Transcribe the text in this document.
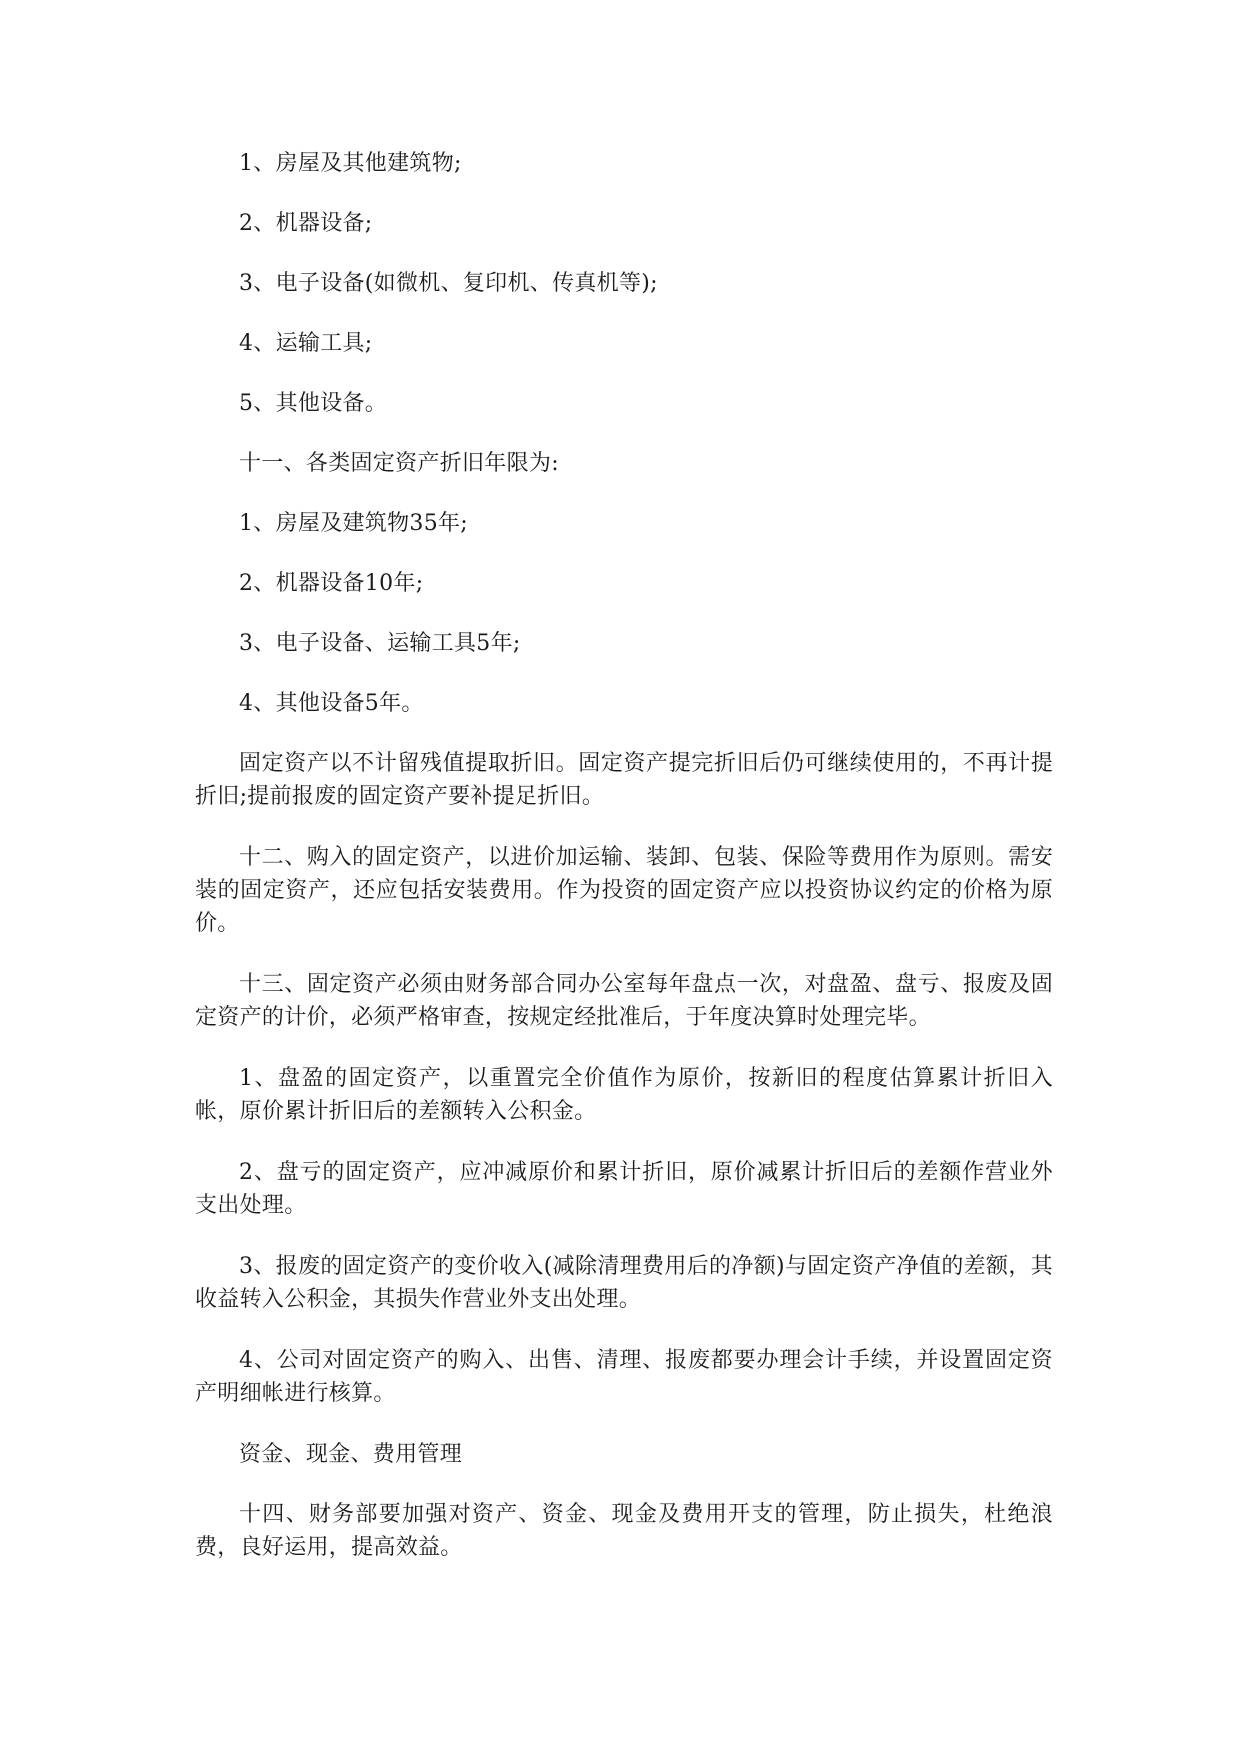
1、房屋及其他建筑物;

2、机器设备;

3、电子设备(如微机、复印机、传真机等);

4、运输工具;

5、其他设备。

十一、各类固定资产折旧年限为:

1、房屋及建筑物35年;

2、机器设备10年;

3、电子设备、运输工具5年;

4、其他设备5年。

固定资产以不计留残值提取折旧。固定资产提完折旧后仍可继续使用的，不再计提折旧;提前报废的固定资产要补提足折旧。

十二、购入的固定资产，以进价加运输、装卸、包装、保险等费用作为原则。需安装的固定资产，还应包括安装费用。作为投资的固定资产应以投资协议约定的价格为原价。

十三、固定资产必须由财务部合同办公室每年盘点一次，对盘盈、盘亏、报废及固定资产的计价，必须严格审查，按规定经批准后，于年度决算时处理完毕。

1、盘盈的固定资产，以重置完全价值作为原价，按新旧的程度估算累计折旧入帐，原价累计折旧后的差额转入公积金。

2、盘亏的固定资产，应冲减原价和累计折旧，原价减累计折旧后的差额作营业外支出处理。

3、报废的固定资产的变价收入(减除清理费用后的净额)与固定资产净值的差额，其收益转入公积金，其损失作营业外支出处理。

4、公司对固定资产的购入、出售、清理、报废都要办理会计手续，并设置固定资产明细帐进行核算。

资金、现金、费用管理

十四、财务部要加强对资产、资金、现金及费用开支的管理，防止损失，杜绝浪费，良好运用，提高效益。
